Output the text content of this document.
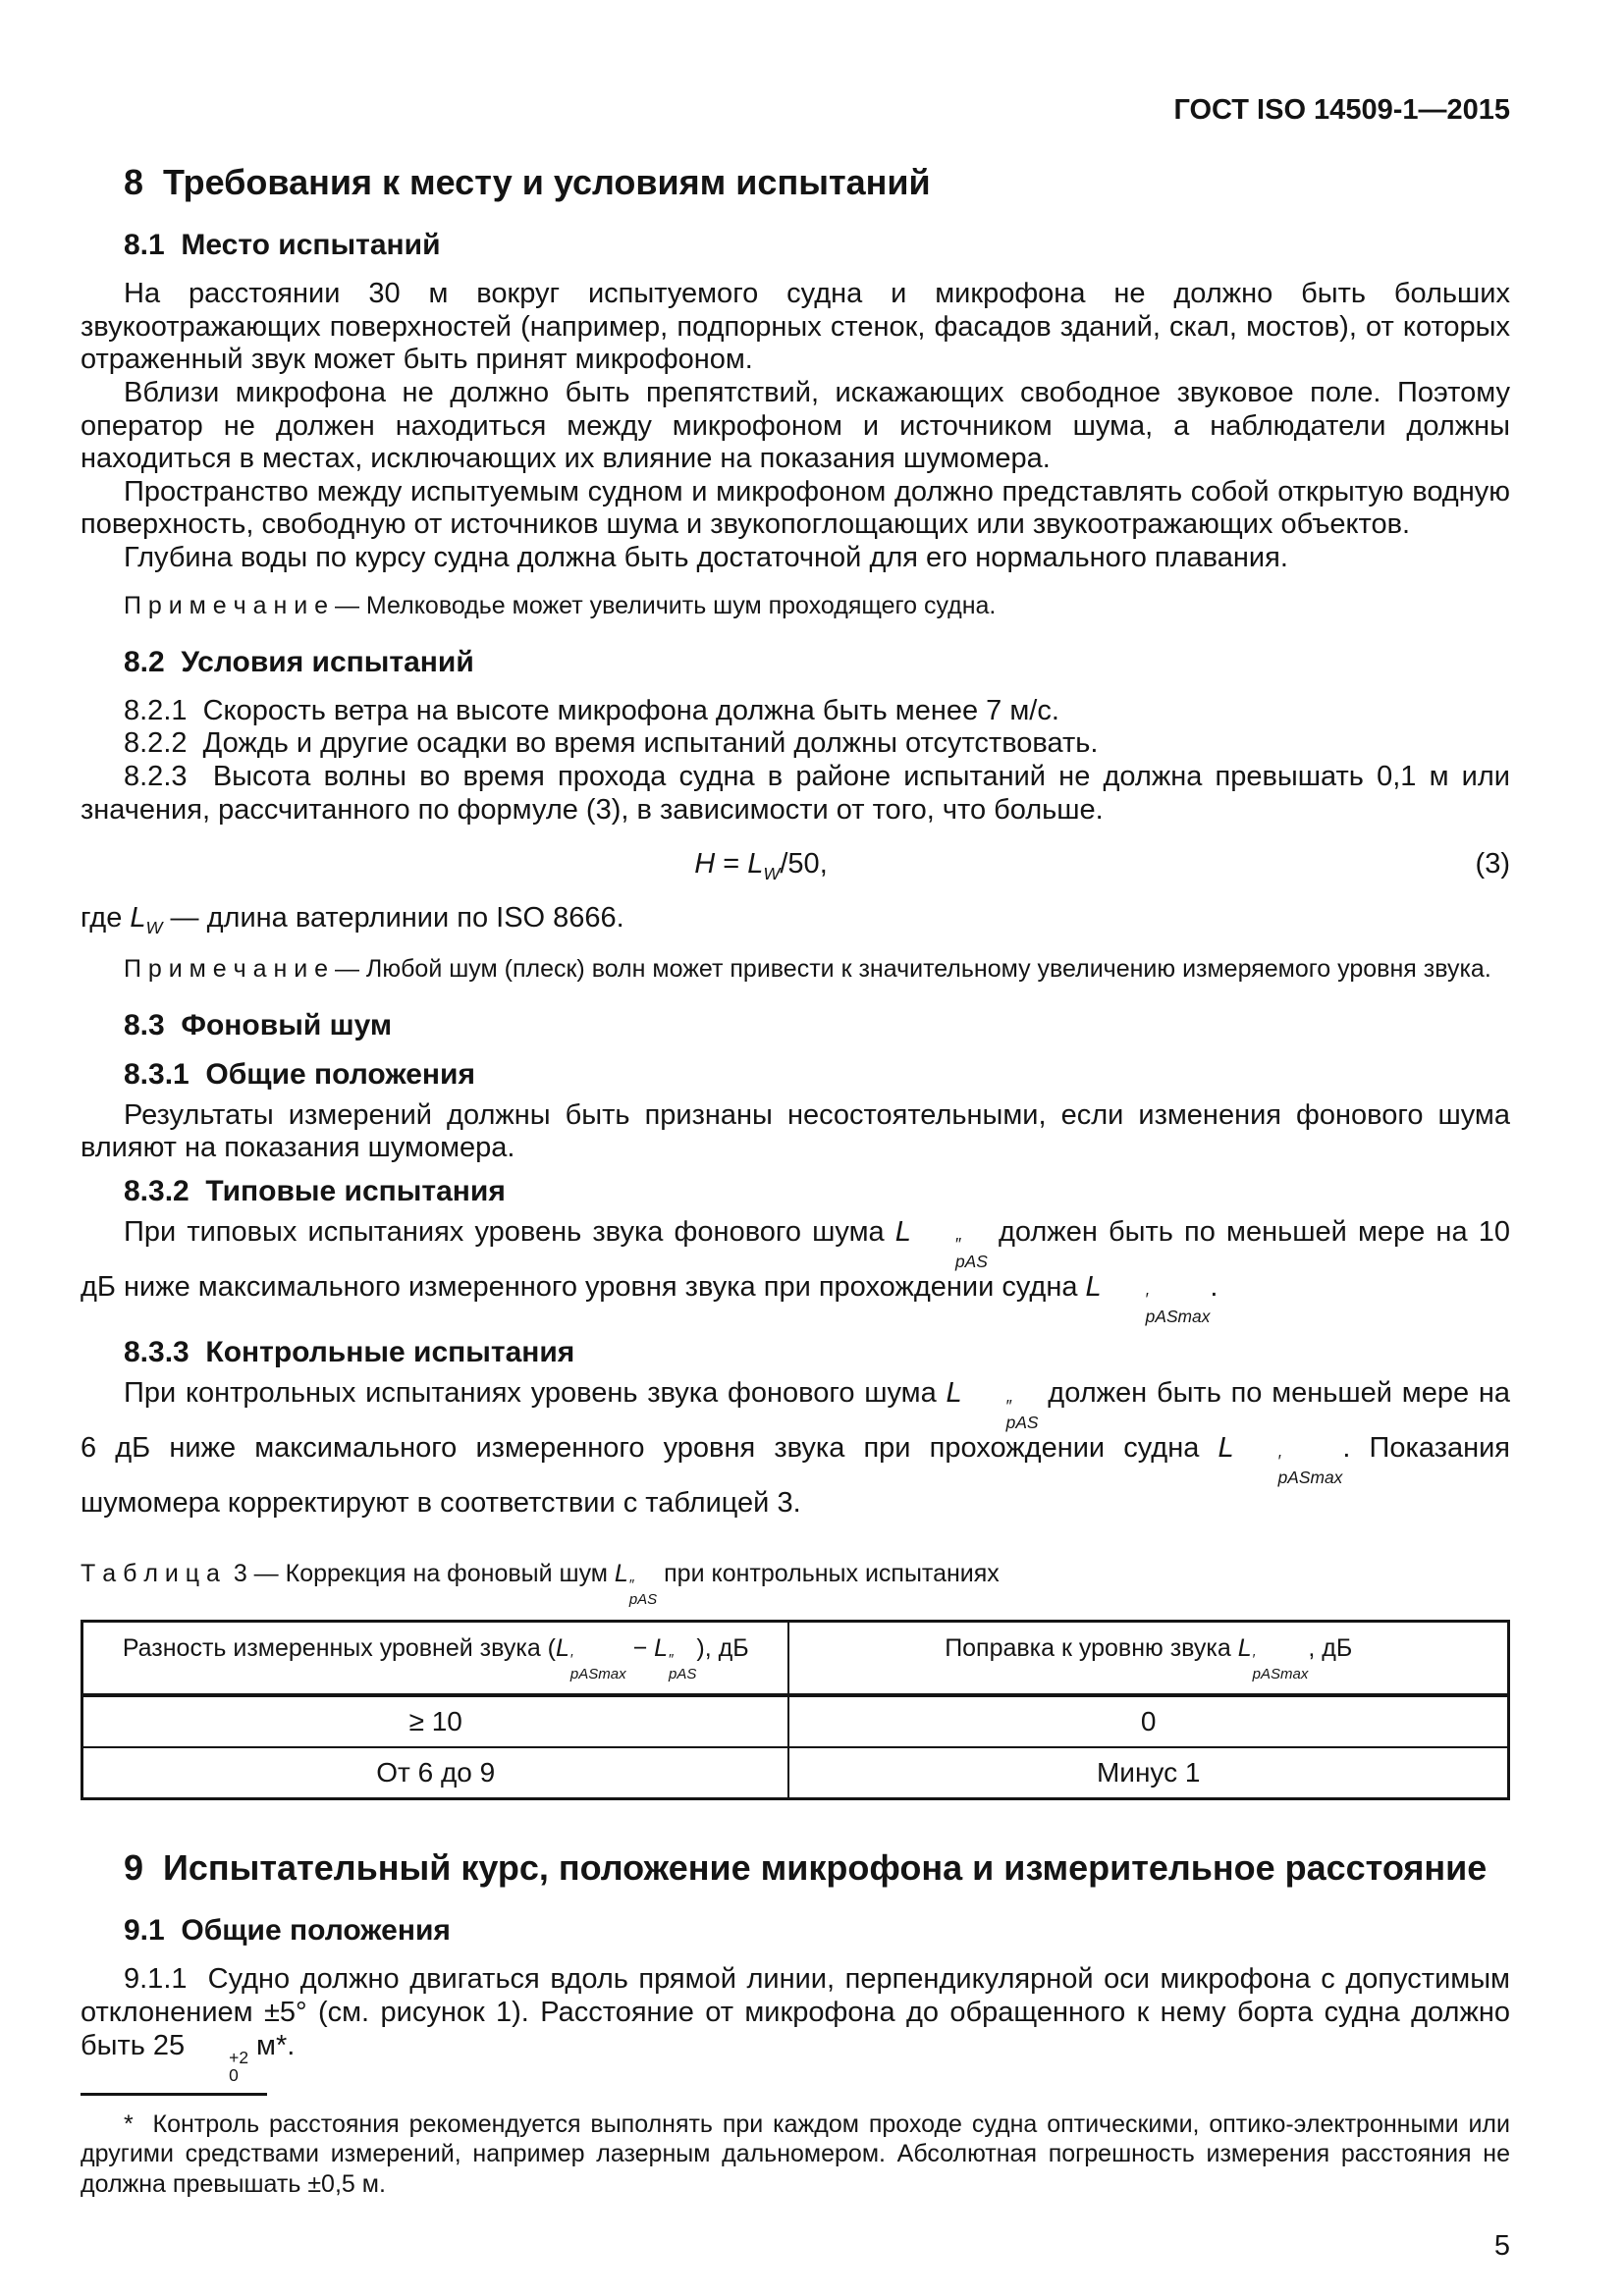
ГОСТ ISO 14509-1—2015
8  Требования к месту и условиям испытаний
8.1  Место испытаний

На расстоянии 30 м вокруг испытуемого судна и микрофона не должно быть больших звукоотражающих поверхностей (например, подпорных стенок, фасадов зданий, скал, мостов), от которых отраженный звук может быть принят микрофоном.

Вблизи микрофона не должно быть препятствий, искажающих свободное звуковое поле. Поэтому оператор не должен находиться между микрофоном и источником шума, а наблюдатели должны находиться в местах, исключающих их влияние на показания шумомера.

Пространство между испытуемым судном и микрофоном должно представлять собой открытую водную поверхность, свободную от источников шума и звукопоглощающих или звукоотражающих объектов.

Глубина воды по курсу судна должна быть достаточной для его нормального плавания.

П р и м е ч а н и е — Мелководье может увеличить шум проходящего судна.

8.2  Условия испытаний

8.2.1  Скорость ветра на высоте микрофона должна быть менее 7 м/с.

8.2.2  Дождь и другие осадки во время испытаний должны отсутствовать.

8.2.3  Высота волны во время прохода судна в районе испытаний не должна превышать 0,1 м или значения, рассчитанного по формуле (3), в зависимости от того, что больше.

$H = L_W/50$,	(3)

где $L_W$ — длина ватерлинии по ISO 8666.

П р и м е ч а н и е — Любой шум (плеск) волн может привести к значительному увеличению измеряемого уровня звука.

8.3  Фоновый шум
8.3.1  Общие положения

Результаты измерений должны быть признаны несостоятельными, если изменения фонового шума влияют на показания шумомера.

8.3.2  Типовые испытания

При типовых испытаниях уровень звука фонового шума L	″
pAS
должен быть по меньшей мере на 10 дБ ниже максимального измеренного уровня звука при прохождении судна L	′
pASmax
.

8.3.3  Контрольные испытания

При контрольных испытаниях уровень звука фонового шума L	″
pAS
должен быть по меньшей мере на 6 дБ ниже максимального измеренного уровня звука при прохождении судна L	′
pASmax
. Показания шумомера корректируют в соответствии с таблицей 3.

Т а б л и ц а  3 — Коррекция на фоновый шум L ″
pAS
при контрольных испытаниях

Разность измеренных уровней звука (L ′
pASmax
− L ″
pAS
), дБ	Поправка к уровню звука L ′
pASmax
, дБ
≥ 10	0
От 6 до 9	Минус 1
9  Испытательный курс, положение микрофона и измерительное расстояние
9.1  Общие положения

9.1.1  Судно должно двигаться вдоль прямой линии, перпендикулярной оси микрофона с допустимым отклонением ±5° (см. рисунок 1). Расстояние от микрофона до обращенного к нему борта судна должно быть 25	+2
0
м*.

*  Контроль расстояния рекомендуется выполнять при каждом проходе судна оптическими, оптико-электронными или другими средствами измерений, например лазерным дальномером. Абсолютная погрешность измерения расстояния не должна превышать ±0,5 м.

5
